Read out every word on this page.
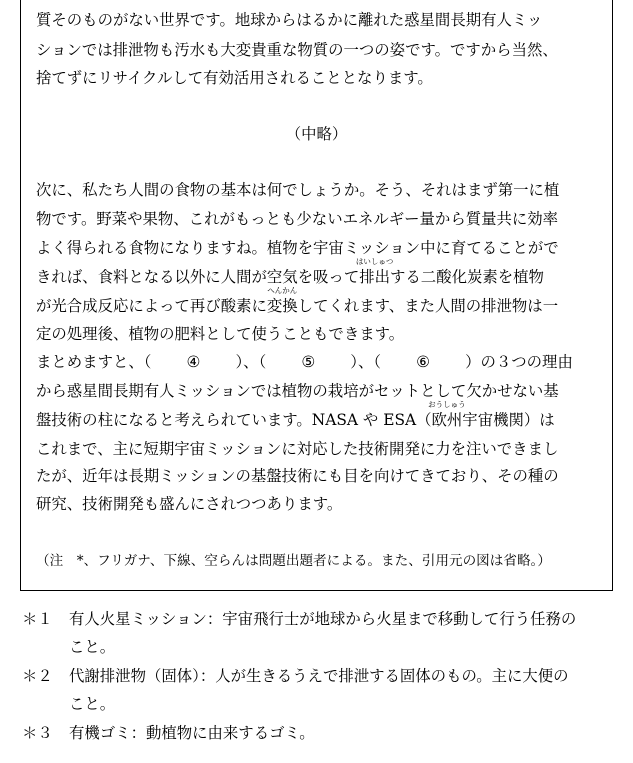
質そのものがない世界です。地球からはるかに離れた惑星間長期有人ミッ
ションでは排泄物も汚水も大変貴重な物質の一つの姿です。ですから当然、
捨てずにリサイクルして有効活用されることとなります。
（中略）
次に、私たち人間の食物の基本は何でしょうか。そう、それはまず第一に植
物です。野菜や果物、これがもっとも少ないエネルギー量から質量共に効率
よく得られる食物になりますね。植物を宇宙ミッション中に育てることがで
きれば、食料となる以外に人間が空気を吸って
はいしゅつ
排出する二酸化炭素を植物
が光合成反応によって再び酸素に
へんかん
変換してくれます、また人間の排泄物は一
定の処理後、植物の肥料として使うこともできます。
まとめますと、（ ④ ）、（ ⑤ ）、（ ⑥ ）の３つの理由
から惑星間長期有人ミッションでは植物の栽培がセットとして欠かせない基
盤技術の柱になると考えられています。NASA や ESA（
おうしゅう
欧州宇宙機関）は
これまで、主に短期宇宙ミッションに対応した技術開発に力を注いできまし
たが、近年は長期ミッションの基盤技術にも目を向けてきており、その種の
研究、技術開発も盛んにされつつあります。
（注　*、フリガナ、下線、空らんは問題出題者による。また、引用元の図は省略。）
＊１ 有人火星ミッション：宇宙飛行士が地球から火星まで移動して行う任務の
こと。
＊２ 代謝排泄物（固体）：人が生きるうえで排泄する固体のもの。主に大便の
こと。
＊３ 有機ゴミ：動植物に由来するゴミ。
